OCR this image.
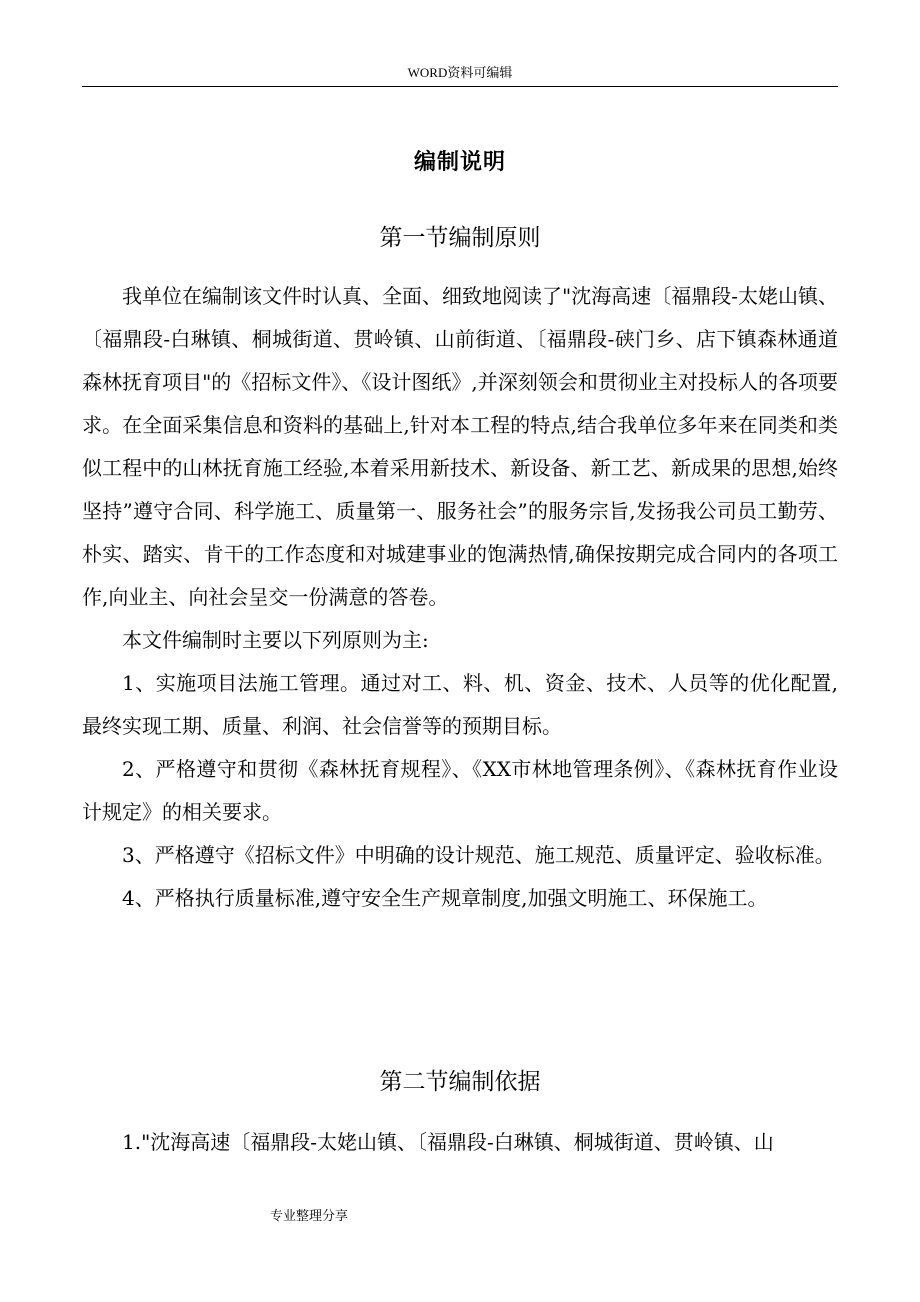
WORD资料可编辑
编制说明
第一节编制原则

我单位在编制该文件时认真、全面、细致地阅读了"沈海高速〔福鼎段-太姥山镇、〔福鼎段-白琳镇、桐城街道、贯岭镇、山前街道、〔福鼎段-硖门乡、店下镇森林通道森林抚育项目"的《招标文件》、《设计图纸》,并深刻领会和贯彻业主对投标人的各项要求。在全面采集信息和资料的基础上,针对本工程的特点,结合我单位多年来在同类和类似工程中的山林抚育施工经验,本着采用新技术、新设备、新工艺、新成果的思想,始终坚持”遵守合同、科学施工、质量第一、服务社会”的服务宗旨,发扬我公司员工勤劳、朴实、踏实、肯干的工作态度和对城建事业的饱满热情,确保按期完成合同内的各项工作,向业主、向社会呈交一份满意的答卷。

本文件编制时主要以下列原则为主:

1、实施项目法施工管理。通过对工、料、机、资金、技术、人员等的优化配置,最终实现工期、质量、利润、社会信誉等的预期目标。

2、严格遵守和贯彻《森林抚育规程》、《XX市林地管理条例》、《森林抚育作业设计规定》的相关要求。

3、严格遵守《招标文件》中明确的设计规范、施工规范、质量评定、验收标准。

4、严格执行质量标准,遵守安全生产规章制度,加强文明施工、环保施工。

第二节编制依据

1."沈海高速〔福鼎段-太姥山镇、〔福鼎段-白琳镇、桐城街道、贯岭镇、山

专业整理分享
